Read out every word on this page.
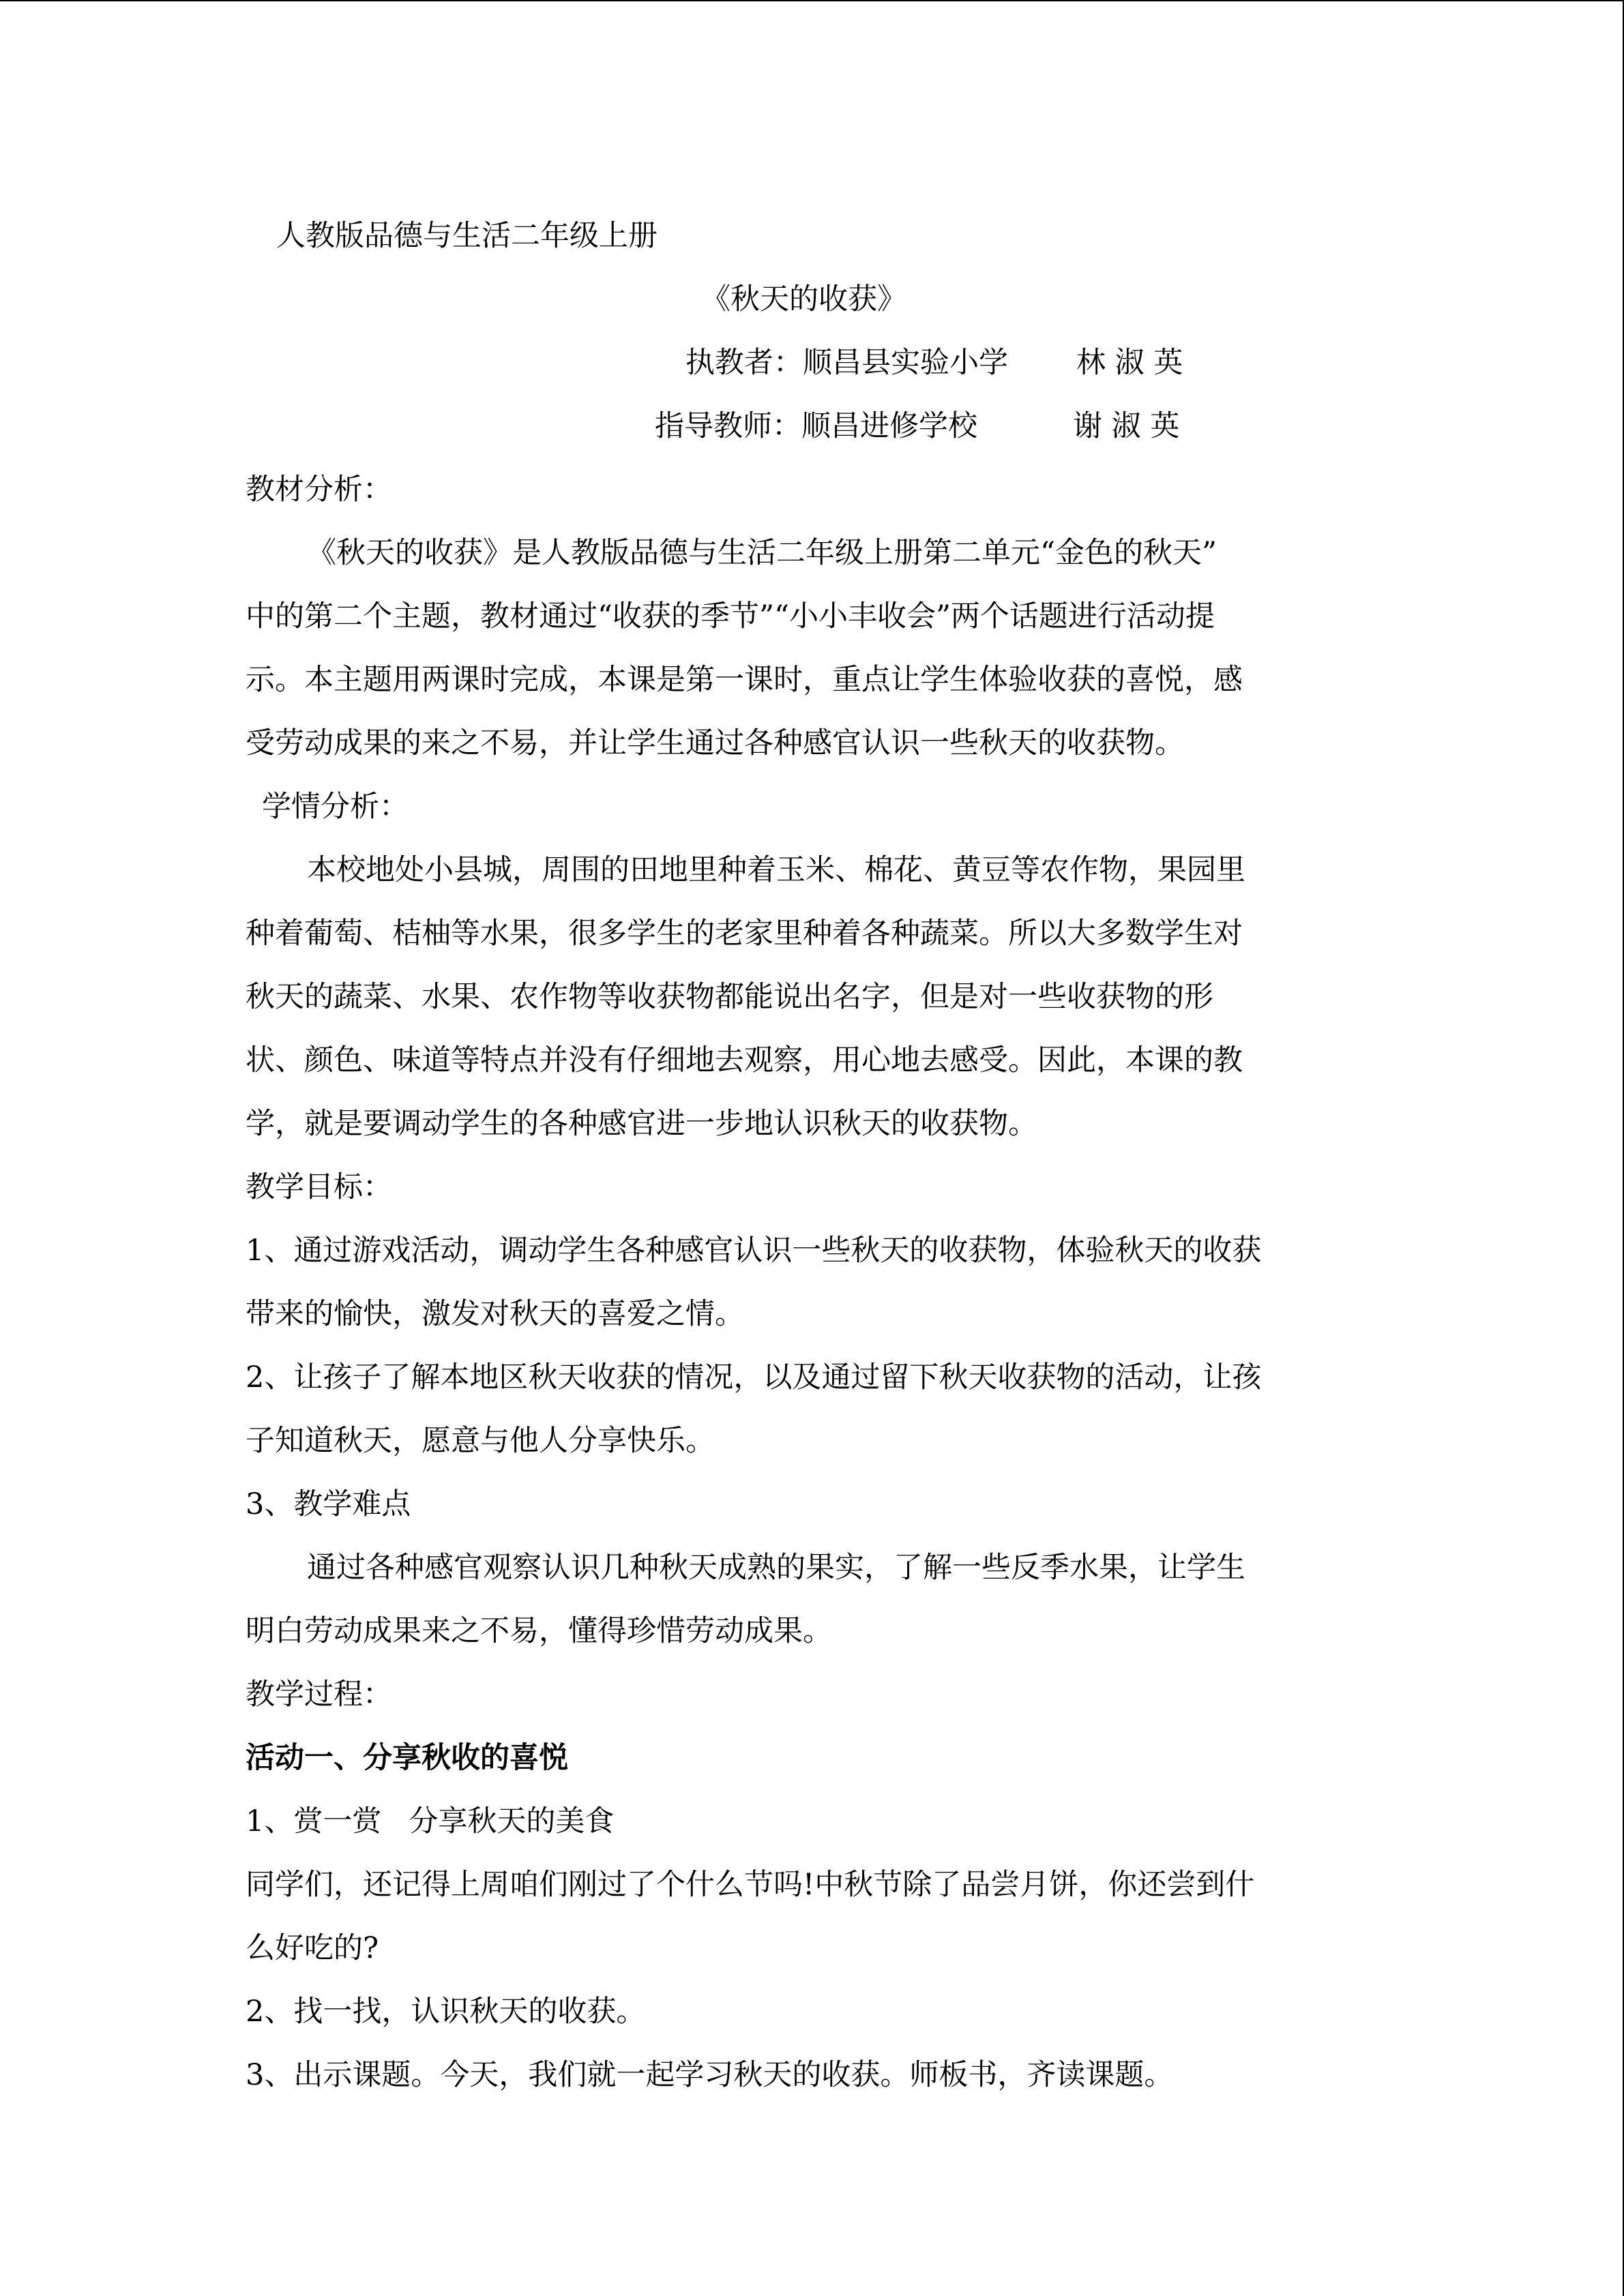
人教版品德与生活二年级上册
《秋天的收获》
执教者：顺昌县实验小学 林 淑 英
指导教师：顺昌进修学校	谢 淑 英
教材分析：
《秋天的收获》是人教版品德与生活二年级上册第二单元“金色的秋天”
中的第二个主题，教材通过“收获的季节”“小小丰收会”两个话题进行活动提
示。本主题用两课时完成，本课是第一课时，重点让学生体验收获的喜悦，感
受劳动成果的来之不易，并让学生通过各种感官认识一些秋天的收获物。
学情分析：
本校地处小县城，周围的田地里种着玉米、棉花、黄豆等农作物，果园里
种着葡萄、桔柚等水果，很多学生的老家里种着各种蔬菜。所以大多数学生对
秋天的蔬菜、水果、农作物等收获物都能说出名字，但是对一些收获物的形
状、颜色、味道等特点并没有仔细地去观察，用心地去感受。因此，本课的教
学，就是要调动学生的各种感官进一步地认识秋天的收获物。
教学目标：
1、通过游戏活动，调动学生各种感官认识一些秋天的收获物，体验秋天的收获
带来的愉快，激发对秋天的喜爱之情。
2、让孩子了解本地区秋天收获的情况，以及通过留下秋天收获物的活动，让孩
子知道秋天，愿意与他人分享快乐。
3、教学难点
通过各种感官观察认识几种秋天成熟的果实，了解一些反季水果，让学生
明白劳动成果来之不易，懂得珍惜劳动成果。
教学过程：
活动一、分享秋收的喜悦
1、赏一赏 分享秋天的美食
同学们，还记得上周咱们刚过了个什么节吗!中秋节除了品尝月饼，你还尝到什
么好吃的?
2、找一找，认识秋天的收获。
3、出示课题。今天，我们就一起学习秋天的收获。师板书，齐读课题。
